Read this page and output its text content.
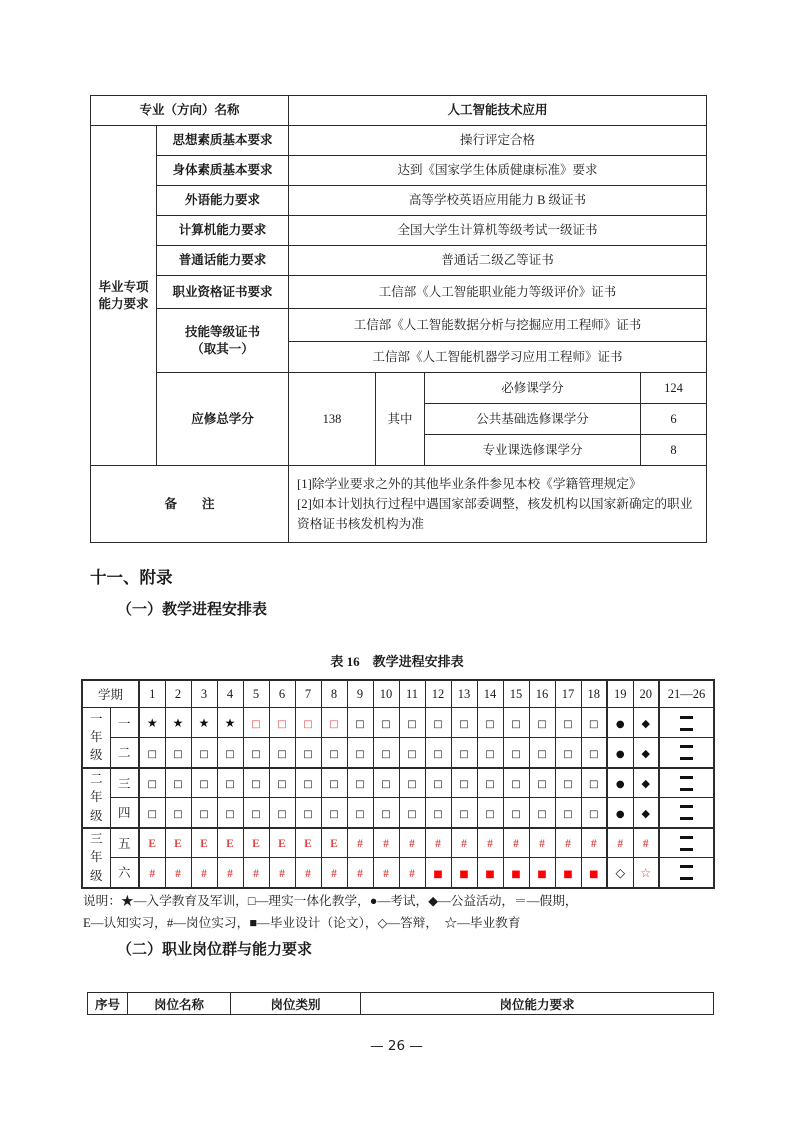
专业（方向）名称		人工智能技术应用			

毕业专项
能力要求	思想素质基本要求	操行评定合格			
	身体素质基本要求	达到《国家学生体质健康标准》要求			
	外语能力要求	高等学校英语应用能力 B 级证书			
	计算机能力要求	全国大学生计算机等级考试一级证书			
	普通话能力要求	普通话二级乙等证书			
	职业资格证书要求	工信部《人工智能职业能力等级评价》证书			

	技能等级证书
（取其一）	工信部《人工智能数据分析与挖掘应用工程师》证书			
		工信部《人工智能机器学习应用工程师》证书			
	应修总学分	138	其中	必修课学分	124
				公共基础选修课学分	6
				专业课选修课学分	8
备　　注		[1]除学业要求之外的其他毕业条件参见本校《学籍管理规定》
[2]如本计划执行过程中遇国家部委调整，核发机构以国家新确定的职业资格证书核发机构为准			
十一、附录
（一）教学进程安排表
表 16　教学进程安排表
学期		1	2	3	4	5	6	7	8	9	10	11	12	13	14	15	16	17	18	19	20	21—26
一
年
级	一	★	★	★	★	□	□	□	□	□	□	□	□	□	□	□	□	□	□	●	◆	
	二	□	□	□	□	□	□	□	□	□	□	□	□	□	□	□	□	□	□	●	◆	
二
年
级	三	□	□	□	□	□	□	□	□	□	□	□	□	□	□	□	□	□	□	●	◆	
	四	□	□	□	□	□	□	□	□	□	□	□	□	□	□	□	□	□	□	●	◆	
三
年
级	五	E	E	E	E	E	E	E	E	#	#	#	#	#	#	#	#	#	#	#	#	
	六	#	#	#	#	#	#	#	#	#	#	#	■	■	■	■	■	■	■	◇	☆	
说明：★—入学教育及军训，□—理实一体化教学，●—考试，◆—公益活动，＝—假期，
E—认知实习，#—岗位实习，■—毕业设计（论文），◇—答辩，　☆—毕业教育
（二）职业岗位群与能力要求
序号	岗位名称	岗位类别	岗位能力要求
— 26 —
